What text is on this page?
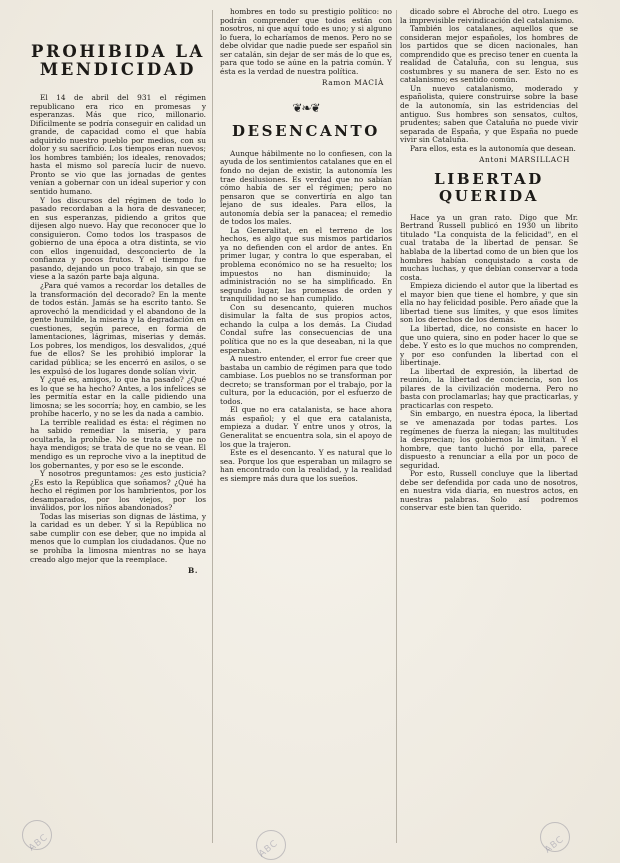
PROHIBIDA LA MENDICIDAD

El 14 de abril del 931 el régimen republicano era rico en promesas y esperanzas. Más que rico, millonario. Difícilmente se podría conseguir en calidad un grande, de capacidad como el que había adquirido nuestro pueblo por medios, con su dolor y su sacrificio. Los tiempos eran nuevos; los hombres también; los ideales, renovados; hasta el mismo sol parecía lucir de nuevo. Pronto se vio que las jornadas de gentes venían a gobernar con un ideal superior y con sentido humano.

Y los discursos del régimen de todo lo pasado recordaban a la hora de desvanecer, en sus esperanzas, pidiendo a gritos que dijesen algo nuevo. Hay que reconocer que lo consiguieron. Como todos los traspasos de gobierno de una época a otra distinta, se vio con ellos ingenuidad, desconcierto de la confianza y pocos frutos. Y el tiempo fue pasando, dejando un poco trabajo, sin que se viese a la sazón parte baja alguna.

¿Para qué vamos a recordar los detalles de la transformación del decorado? En la mente de todos están. Jamás se ha escrito tanto. Se aprovechó la mendicidad y el abandono de la gente humilde, la miseria y la degradación en cuestiones, según parece, en forma de lamentaciones, lágrimas, miserias y demás. Los pobres, los mendigos, los desvalidos, ¿qué fue de ellos? Se les prohibió implorar la caridad pública; se les encerró en asilos, o se les expulsó de los lugares donde solían vivir.

Y ¿qué es, amigos, lo que ha pasado? ¿Qué es lo que se ha hecho? Antes, a los infelices se les permitía estar en la calle pidiendo una limosna; se les socorría; hoy, en cambio, se les prohíbe hacerlo, y no se les da nada a cambio.

La terrible realidad es ésta: el régimen no ha sabido remediar la miseria, y para ocultarla, la prohíbe. No se trata de que no haya mendigos; se trata de que no se vean. El mendigo es un reproche vivo a la ineptitud de los gobernantes, y por eso se le esconde.

Y nosotros preguntamos: ¿es esto justicia? ¿Es esto la República que soñamos? ¿Qué ha hecho el régimen por los hambrientos, por los desamparados, por los viejos, por los inválidos, por los niños abandonados?

Todas las miserias son dignas de lástima, y la caridad es un deber. Y si la República no sabe cumplir con ese deber, que no impida al menos que lo cumplan los ciudadanos. Que no se prohíba la limosna mientras no se haya creado algo mejor que la reemplace.

B.

hombres en todo su prestigio político: no podrán comprender que todos están con nosotros, ni que aquí todo es uno; y si alguno lo fuera, lo echaríamos de menos. Pero no se debe olvidar que nadie puede ser español sin ser catalán, sin dejar de ser más de lo que es, para que todo se aúne en la patria común. Y ésta es la verdad de nuestra política.

Ramon MACIÀ
❦❧❦
DESENCANTO

Aunque hábilmente no lo confiesen, con la ayuda de los sentimientos catalanes que en el fondo no dejan de existir, la autonomía les trae desilusiones. Es verdad que no sabían cómo había de ser el régimen; pero no pensaron que se convertiría en algo tan lejano de sus ideales. Para ellos, la autonomía debía ser la panacea; el remedio de todos los males.

La Generalitat, en el terreno de los hechos, es algo que sus mismos partidarios ya no defienden con el ardor de antes. En primer lugar, y contra lo que esperaban, el problema económico no se ha resuelto; los impuestos no han disminuido; la administración no se ha simplificado. En segundo lugar, las promesas de orden y tranquilidad no se han cumplido.

Con su desencanto, quieren muchos disimular la falta de sus propios actos, echando la culpa a los demás. La Ciudad Condal sufre las consecuencias de una política que no es la que deseaban, ni la que esperaban.

A nuestro entender, el error fue creer que bastaba un cambio de régimen para que todo cambiase. Los pueblos no se transforman por decreto; se transforman por el trabajo, por la cultura, por la educación, por el esfuerzo de todos.

El que no era catalanista, se hace ahora más español; y el que era catalanista, empieza a dudar. Y entre unos y otros, la Generalitat se encuentra sola, sin el apoyo de los que la trajeron.

Este es el desencanto. Y es natural que lo sea. Porque los que esperaban un milagro se han encontrado con la realidad, y la realidad es siempre más dura que los sueños.

dicado sobre el Abroche del otro. Luego es la imprevisible reivindicación del catalanismo.

También los catalanes, aquellos que se consideran mejor españoles, los hombres de los partidos que se dicen nacionales, han comprendido que es preciso tener en cuenta la realidad de Cataluña, con su lengua, sus costumbres y su manera de ser. Esto no es catalanismo; es sentido común.

Un nuevo catalanismo, moderado y españolista, quiere construirse sobre la base de la autonomía, sin las estridencias del antiguo. Sus hombres son sensatos, cultos, prudentes; saben que Cataluña no puede vivir separada de España, y que España no puede vivir sin Cataluña.

Para ellos, esta es la autonomía que desean.

Antoni MARSILLACH
LIBERTAD QUERIDA

Hace ya un gran rato. Digo que Mr. Bertrand Russell publicó en 1930 un librito titulado "La conquista de la felicidad", en el cual trataba de la libertad de pensar. Se hablaba de la libertad como de un bien que los hombres habían conquistado a costa de muchas luchas, y que debían conservar a toda costa.

Empieza diciendo el autor que la libertad es el mayor bien que tiene el hombre, y que sin ella no hay felicidad posible. Pero añade que la libertad tiene sus límites, y que esos límites son los derechos de los demás.

La libertad, dice, no consiste en hacer lo que uno quiera, sino en poder hacer lo que se debe. Y esto es lo que muchos no comprenden, y por eso confunden la libertad con el libertinaje.

La libertad de expresión, la libertad de reunión, la libertad de conciencia, son los pilares de la civilización moderna. Pero no basta con proclamarlas; hay que practicarlas, y practicarlas con respeto.

Sin embargo, en nuestra época, la libertad se ve amenazada por todas partes. Los regímenes de fuerza la niegan; las multitudes la desprecian; los gobiernos la limitan. Y el hombre, que tanto luchó por ella, parece dispuesto a renunciar a ella por un poco de seguridad.

Por esto, Russell concluye que la libertad debe ser defendida por cada uno de nosotros, en nuestra vida diaria, en nuestros actos, en nuestras palabras. Solo así podremos conservar este bien tan querido.

ABC	ABC	ABC
